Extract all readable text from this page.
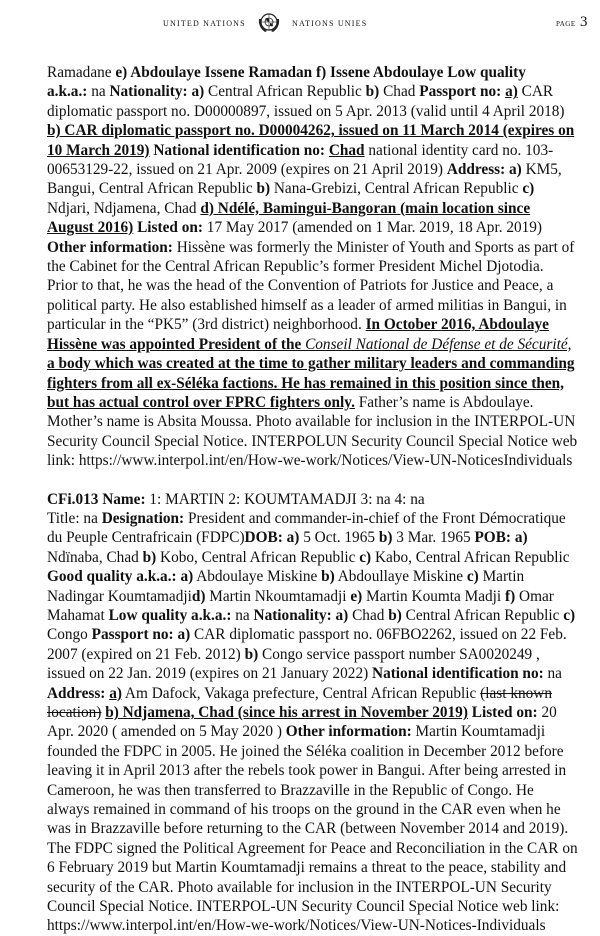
UNITED NATIONS	NATIONS UNIES	PAGE 3
Ramadane e) Abdoulaye Issene Ramadan f) Issene Abdoulaye Low quality
a.k.a.: na Nationality: a) Central African Republic b) Chad Passport no: a) CAR
diplomatic passport no. D00000897, issued on 5 Apr. 2013 (valid until 4 April 2018)
b) CAR diplomatic passport no. D00004262, issued on 11 March 2014 (expires on
10 March 2019) National identification no: Chad national identity card no. 103-
00653129-22, issued on 21 Apr. 2009 (expires on 21 April 2019) Address: a) KM5,
Bangui, Central African Republic b) Nana-Grebizi, Central African Republic c)
Ndjari, Ndjamena, Chad d) Ndélé, Bamingui-Bangoran (main location since
August 2016) Listed on: 17 May 2017 (amended on 1 Mar. 2019, 18 Apr. 2019)
Other information: Hissène was formerly the Minister of Youth and Sports as part of
the Cabinet for the Central African Republic’s former President Michel Djotodia.
Prior to that, he was the head of the Convention of Patriots for Justice and Peace, a
political party. He also established himself as a leader of armed militias in Bangui, in
particular in the “PK5” (3rd district) neighborhood. In October 2016, Abdoulaye
Hissène was appointed President of the Conseil National de Défense et de Sécurité,
a body which was created at the time to gather military leaders and commanding
fighters from all ex-Séléka factions. He has remained in this position since then,
but has actual control over FPRC fighters only. Father’s name is Abdoulaye.
Mother’s name is Absita Moussa. Photo available for inclusion in the INTERPOL-UN
Security Council Special Notice. INTERPOLUN Security Council Special Notice web
link: https://www.interpol.int/en/How-we-work/Notices/View-UN-NoticesIndividuals
CFi.013 Name: 1: MARTIN 2: KOUMTAMADJI 3: na 4: na
Title: na Designation: President and commander-in-chief of the Front Démocratique
du Peuple Centrafricain (FDPC)DOB: a) 5 Oct. 1965 b) 3 Mar. 1965 POB: a)
Ndïnaba, Chad b) Kobo, Central African Republic c) Kabo, Central African Republic
Good quality a.k.a.: a) Abdoulaye Miskine b) Abdoullaye Miskine c) Martin
Nadingar Koumtamadjid) Martin Nkoumtamadji e) Martin Koumta Madji f) Omar
Mahamat Low quality a.k.a.: na Nationality: a) Chad b) Central African Republic c)
Congo Passport no: a) CAR diplomatic passport no. 06FBO2262, issued on 22 Feb.
2007 (expired on 21 Feb. 2012) b) Congo service passport number SA0020249 ,
issued on 22 Jan. 2019 (expires on 21 January 2022) National identification no: na
Address: a) Am Dafock, Vakaga prefecture, Central African Republic (last known
location) b) Ndjamena, Chad (since his arrest in November 2019) Listed on: 20
Apr. 2020 ( amended on 5 May 2020 ) Other information: Martin Koumtamadji
founded the FDPC in 2005. He joined the Séléka coalition in December 2012 before
leaving it in April 2013 after the rebels took power in Bangui. After being arrested in
Cameroon, he was then transferred to Brazzaville in the Republic of Congo. He
always remained in command of his troops on the ground in the CAR even when he
was in Brazzaville before returning to the CAR (between November 2014 and 2019).
The FDPC signed the Political Agreement for Peace and Reconciliation in the CAR on
6 February 2019 but Martin Koumtamadji remains a threat to the peace, stability and
security of the CAR. Photo available for inclusion in the INTERPOL-UN Security
Council Special Notice. INTERPOL-UN Security Council Special Notice web link:
https://www.interpol.int/en/How-we-work/Notices/View-UN-Notices-Individuals
